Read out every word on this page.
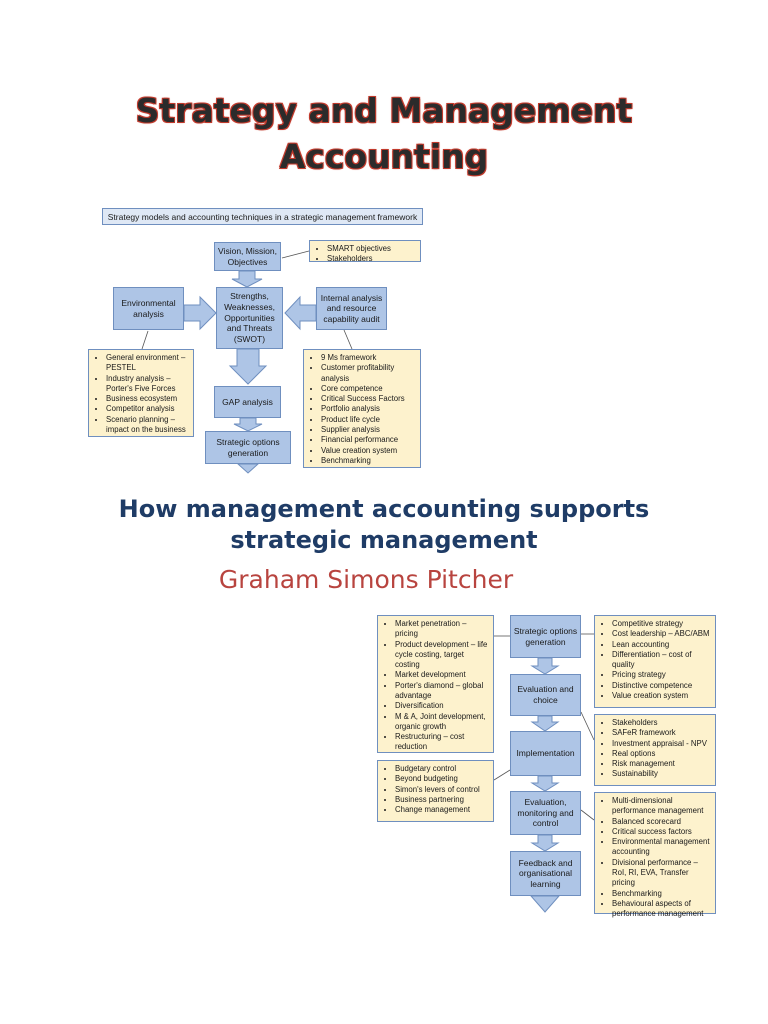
Strategy and Management
Accounting
Strategy models and accounting techniques in a strategic management framework
Vision, Mission, Objectives
• SMART objectives
• Stakeholders
Environmental analysis
Strengths, Weaknesses, Opportunities and Threats (SWOT)
Internal analysis and resource capability audit
• General environment – PESTEL
• Industry analysis – Porter's Five Forces
• Business ecosystem
• Competitor analysis
• Scenario planning – impact on the business
• 9 Ms framework
• Customer profitability analysis
• Core competence
• Critical Success Factors
• Portfolio analysis
• Product life cycle
• Supplier analysis
• Financial performance
• Value creation system
• Benchmarking
GAP analysis
Strategic options generation
How management accounting supports
strategic management
Graham Simons Pitcher
• Market penetration – pricing
• Product development – life cycle costing, target costing
• Market development
• Porter's diamond – global advantage
• Diversification
• M & A, Joint development, organic growth
• Restructuring – cost reduction
• Budgetary control
• Beyond budgeting
• Simon's levers of control
• Business partnering
• Change management
Strategic options generation
Evaluation and choice
Implementation
Evaluation, monitoring and control
Feedback and organisational learning
• Competitive strategy
• Cost leadership – ABC/ABM
• Lean accounting
• Differentiation – cost of quality
• Pricing strategy
• Distinctive competence
• Value creation system
• Stakeholders
• SAFeR framework
• Investment appraisal - NPV
• Real options
• Risk management
• Sustainability
• Multi-dimensional performance management
• Balanced scorecard
• Critical success factors
• Environmental management accounting
• Divisional performance – RoI, RI, EVA, Transfer pricing
• Benchmarking
• Behavioural aspects of performance management
